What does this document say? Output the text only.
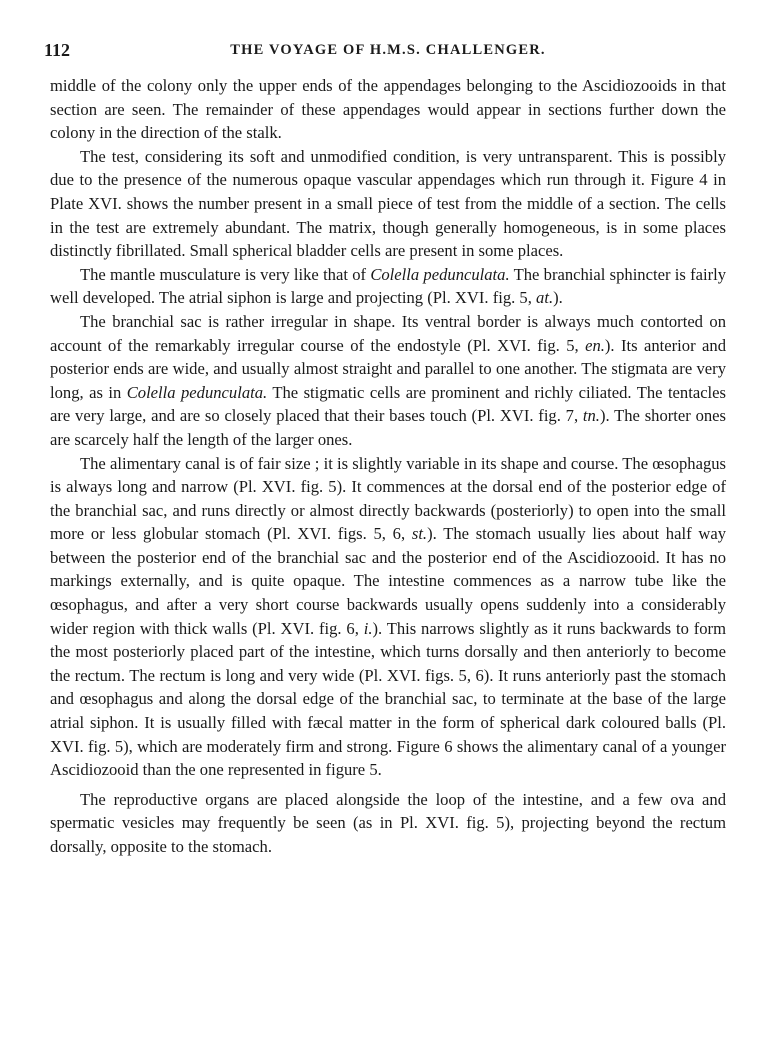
112	THE VOYAGE OF H.M.S. CHALLENGER.

middle of the colony only the upper ends of the appendages belonging to the Ascidiozooids in that section are seen. The remainder of these appendages would appear in sections further down the colony in the direction of the stalk.

The test, considering its soft and unmodified condition, is very untransparent. This is possibly due to the presence of the numerous opaque vascular appendages which run through it. Figure 4 in Plate XVI. shows the number present in a small piece of test from the middle of a section. The cells in the test are extremely abundant. The matrix, though generally homogeneous, is in some places distinctly fibrillated. Small spherical bladder cells are present in some places.

The mantle musculature is very like that of Colella pedunculata. The branchial sphincter is fairly well developed. The atrial siphon is large and projecting (Pl. XVI. fig. 5, at.).

The branchial sac is rather irregular in shape. Its ventral border is always much contorted on account of the remarkably irregular course of the endostyle (Pl. XVI. fig. 5, en.). Its anterior and posterior ends are wide, and usually almost straight and parallel to one another. The stigmata are very long, as in Colella pedunculata. The stigmatic cells are prominent and richly ciliated. The tentacles are very large, and are so closely placed that their bases touch (Pl. XVI. fig. 7, tn.). The shorter ones are scarcely half the length of the larger ones.

The alimentary canal is of fair size ; it is slightly variable in its shape and course. The œsophagus is always long and narrow (Pl. XVI. fig. 5). It commences at the dorsal end of the posterior edge of the branchial sac, and runs directly or almost directly backwards (posteriorly) to open into the small more or less globular stomach (Pl. XVI. figs. 5, 6, st.). The stomach usually lies about half way between the posterior end of the branchial sac and the posterior end of the Ascidiozooid. It has no markings externally, and is quite opaque. The intestine commences as a narrow tube like the œsophagus, and after a very short course backwards usually opens suddenly into a considerably wider region with thick walls (Pl. XVI. fig. 6, i.). This narrows slightly as it runs backwards to form the most posteriorly placed part of the intestine, which turns dorsally and then anteriorly to become the rectum. The rectum is long and very wide (Pl. XVI. figs. 5, 6). It runs anteriorly past the stomach and œsophagus and along the dorsal edge of the branchial sac, to terminate at the base of the large atrial siphon. It is usually filled with fæcal matter in the form of spherical dark coloured balls (Pl. XVI. fig. 5), which are moderately firm and strong. Figure 6 shows the alimentary canal of a younger Ascidiozooid than the one represented in figure 5.

The reproductive organs are placed alongside the loop of the intestine, and a few ova and spermatic vesicles may frequently be seen (as in Pl. XVI. fig. 5), projecting beyond the rectum dorsally, opposite to the stomach.
